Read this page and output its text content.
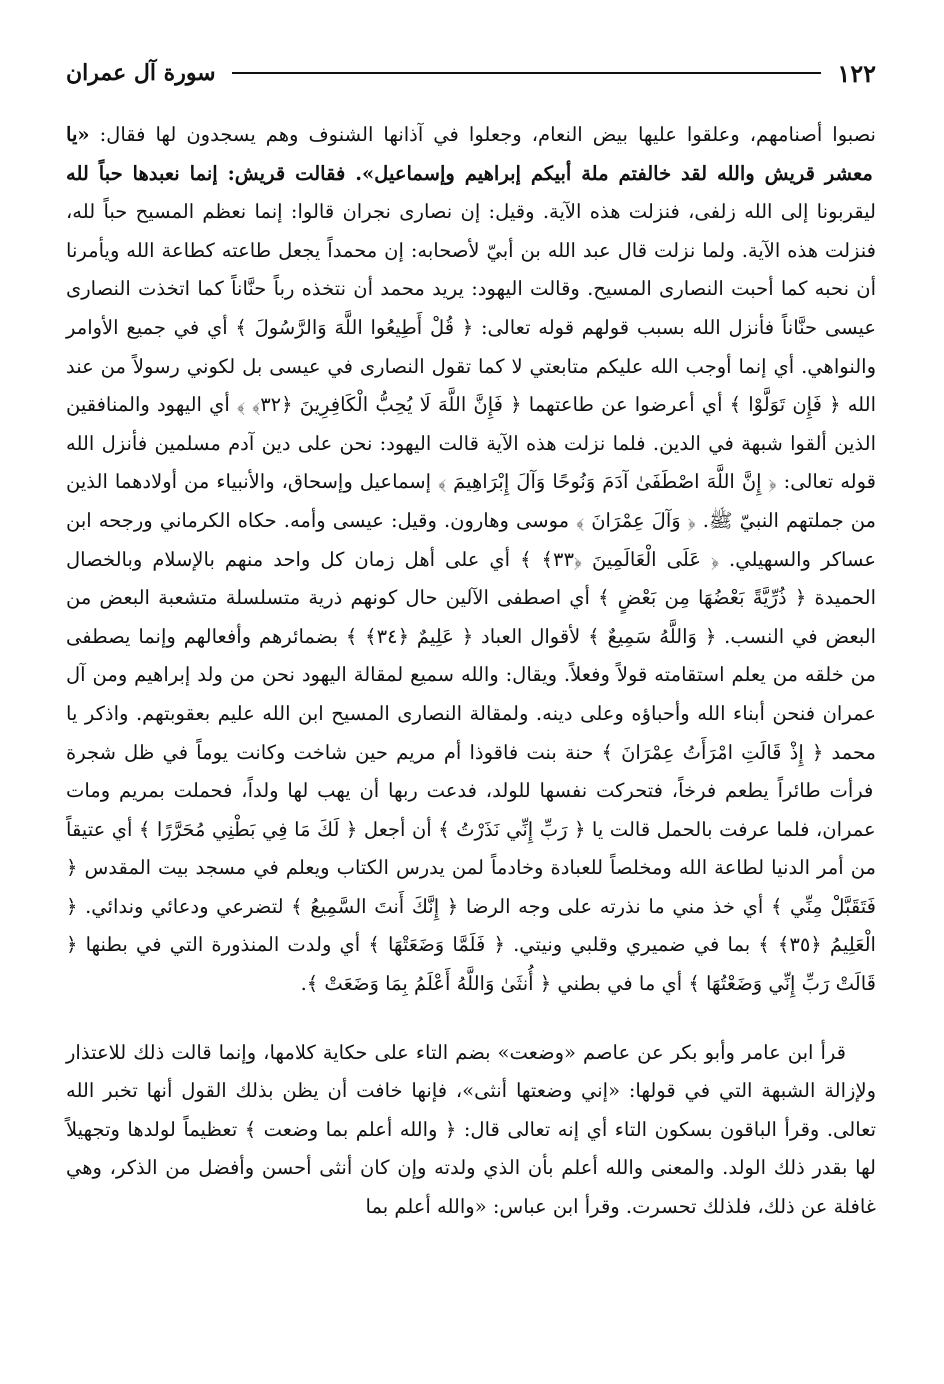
١٢٢
سورة آل عمران

نصبوا أصنامهم، وعلقوا عليها بيض النعام، وجعلوا في آذانها الشنوف وهم يسجدون لها فقال: «يا معشر قريش والله لقد خالفتم ملة أبيكم إبراهيم وإسماعيل». فقالت قريش: إنما نعبدها حباً لله ليقربونا إلى الله زلفى، فنزلت هذه الآية. وقيل: إن نصارى نجران قالوا: إنما نعظم المسيح حباً لله، فنزلت هذه الآية. ولما نزلت قال عبد الله بن أبيّ لأصحابه: إن محمداً يجعل طاعته كطاعة الله ويأمرنا أن نحبه كما أحبت النصارى المسيح. وقالت اليهود: يريد محمد أن نتخذه رباً حنَّاناً كما اتخذت النصارى عيسى حنَّاناً فأنزل الله بسبب قولهم قوله تعالى: ﴿ قُلْ أَطِيعُوا اللَّهَ وَالرَّسُولَ ﴾ أي في جميع الأوامر والنواهي. أي إنما أوجب الله عليكم متابعتي لا كما تقول النصارى في عيسى بل لكوني رسولاً من عند الله ﴿ فَإِن تَوَلَّوْا ﴾ أي أعرضوا عن طاعتهما ﴿ فَإِنَّ اللَّهَ لَا يُحِبُّ الْكَافِرِينَ ﴿٣٢﴾ ﴾ أي اليهود والمنافقين الذين ألقوا شبهة في الدين. فلما نزلت هذه الآية قالت اليهود: نحن على دين آدم مسلمين فأنزل الله قوله تعالى: ﴿ إِنَّ اللَّهَ اصْطَفَىٰ آدَمَ وَنُوحًا وَآلَ إِبْرَاهِيمَ ﴾ إسماعيل وإسحاق، والأنبياء من أولادهما الذين من جملتهم النبيّ ﷺ. ﴿ وَآلَ عِمْرَانَ ﴾ موسى وهارون. وقيل: عيسى وأمه. حكاه الكرماني ورجحه ابن عساكر والسهيلي. ﴿ عَلَى الْعَالَمِينَ ﴿٣٣﴾ ﴾ أي على أهل زمان كل واحد منهم بالإسلام وبالخصال الحميدة ﴿ ذُرِّيَّةً بَعْضُهَا مِن بَعْضٍ ﴾ أي اصطفى الآلين حال كونهم ذرية متسلسلة متشعبة البعض من البعض في النسب. ﴿ وَاللَّهُ سَمِيعٌ ﴾ لأقوال العباد ﴿ عَلِيمٌ ﴿٣٤﴾ ﴾ بضمائرهم وأفعالهم وإنما يصطفى من خلقه من يعلم استقامته قولاً وفعلاً. ويقال: والله سميع لمقالة اليهود نحن من ولد إبراهيم ومن آل عمران فنحن أبناء الله وأحباؤه وعلى دينه. ولمقالة النصارى المسيح ابن الله عليم بعقوبتهم. واذكر يا محمد ﴿ إِذْ قَالَتِ امْرَأَتُ عِمْرَانَ ﴾ حنة بنت فاقوذا أم مريم حين شاخت وكانت يوماً في ظل شجرة فرأت طائراً يطعم فرخاً، فتحركت نفسها للولد، فدعت ربها أن يهب لها ولداً، فحملت بمريم ومات عمران، فلما عرفت بالحمل قالت يا ﴿ رَبِّ إِنِّي نَذَرْتُ ﴾ أن أجعل ﴿ لَكَ مَا فِي بَطْنِي مُحَرَّرًا ﴾ أي عتيقاً من أمر الدنيا لطاعة الله ومخلصاً للعبادة وخادماً لمن يدرس الكتاب ويعلم في مسجد بيت المقدس ﴿ فَتَقَبَّلْ مِنِّي ﴾ أي خذ مني ما نذرته على وجه الرضا ﴿ إِنَّكَ أَنتَ السَّمِيعُ ﴾ لتضرعي ودعائي وندائي. ﴿ الْعَلِيمُ ﴿٣٥﴾ ﴾ بما في ضميري وقلبي ونيتي. ﴿ فَلَمَّا وَضَعَتْهَا ﴾ أي ولدت المنذورة التي في بطنها ﴿ قَالَتْ رَبِّ إِنِّي وَضَعْتُهَا ﴾ أي ما في بطني ﴿ أُنثَىٰ وَاللَّهُ أَعْلَمُ بِمَا وَضَعَتْ ﴾.

قرأ ابن عامر وأبو بكر عن عاصم «وضعت» بضم التاء على حكاية كلامها، وإنما قالت ذلك للاعتذار ولإزالة الشبهة التي في قولها: «إني وضعتها أنثى»، فإنها خافت أن يظن بذلك القول أنها تخبر الله تعالى. وقرأ الباقون بسكون التاء أي إنه تعالى قال: ﴿ والله أعلم بما وضعت ﴾ تعظيماً لولدها وتجهيلاً لها بقدر ذلك الولد. والمعنى والله أعلم بأن الذي ولدته وإن كان أنثى أحسن وأفضل من الذكر، وهي غافلة عن ذلك، فلذلك تحسرت. وقرأ ابن عباس: «والله أعلم بما
